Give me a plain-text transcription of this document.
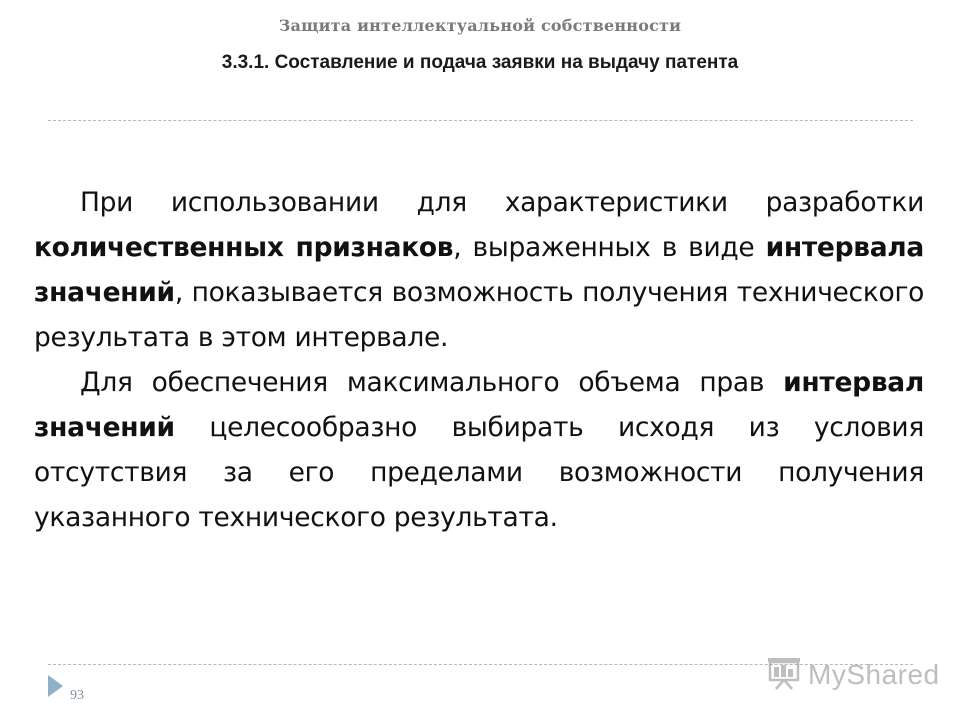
Защита интеллектуальной собственности
3.3.1. Составление и подача заявки на выдачу патента

При использовании для характеристики разработки количественных признаков, выраженных в виде интервала значений, показывается возможность получения технического результата в этом интервале.

Для обеспечения максимального объема прав интервал значений целесообразно выбирать исходя из условия отсутствия за его пределами возможности получения указанного технического результата.

93
MyShared
